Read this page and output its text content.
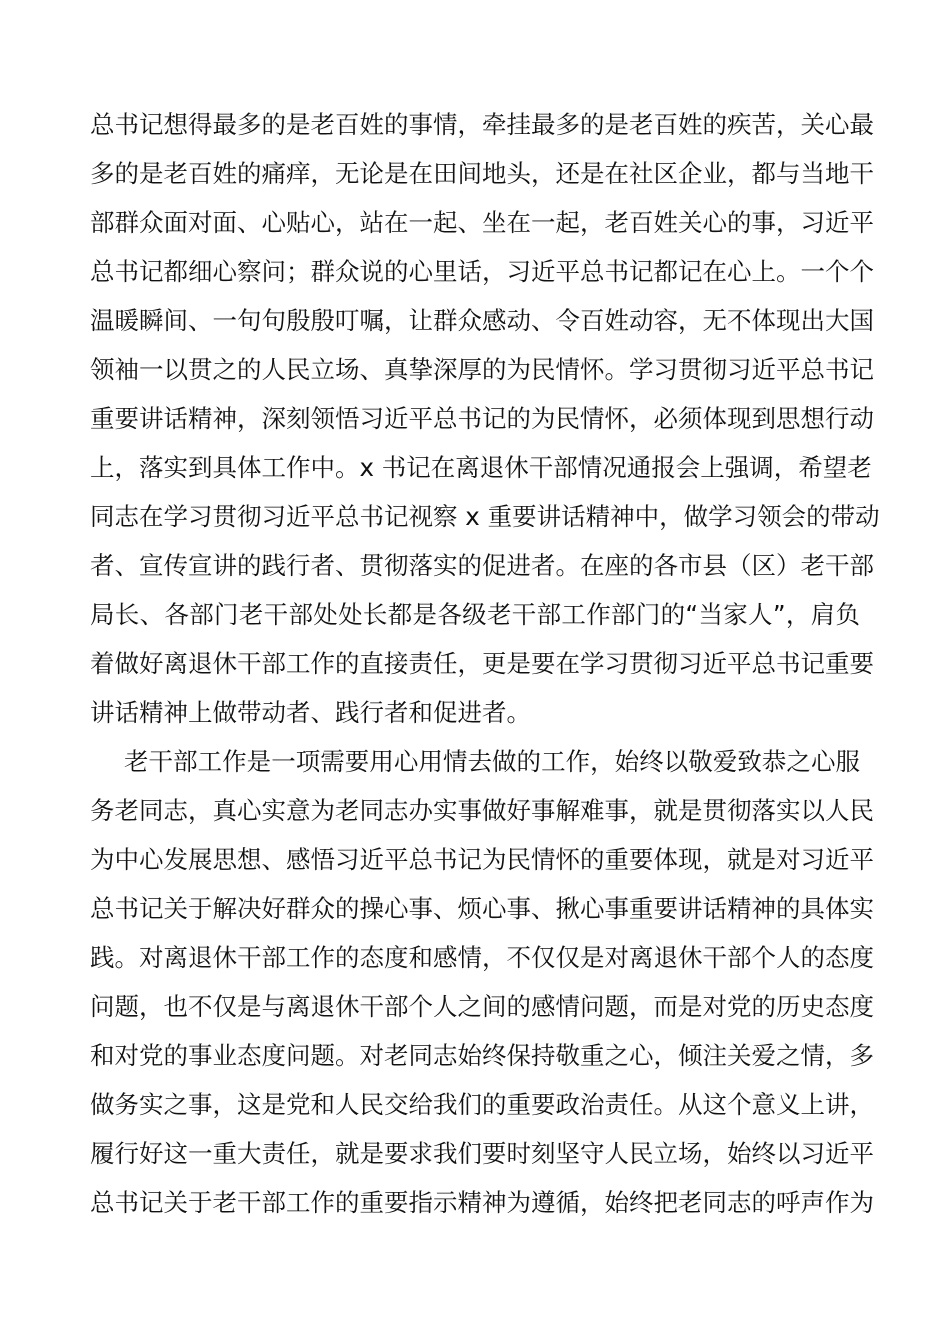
总书记想得最多的是老百姓的事情，牵挂最多的是老百姓的疾苦，关心最
多的是老百姓的痛痒，无论是在田间地头，还是在社区企业，都与当地干
部群众面对面、心贴心，站在一起、坐在一起，老百姓关心的事，习近平
总书记都细心察问；群众说的心里话，习近平总书记都记在心上。一个个
温暖瞬间、一句句殷殷叮嘱，让群众感动、令百姓动容，无不体现出大国
领袖一以贯之的人民立场、真挚深厚的为民情怀。学习贯彻习近平总书记
重要讲话精神，深刻领悟习近平总书记的为民情怀，必须体现到思想行动
上，落实到具体工作中。x 书记在离退休干部情况通报会上强调，希望老
同志在学习贯彻习近平总书记视察 x 重要讲话精神中，做学习领会的带动
者、宣传宣讲的践行者、贯彻落实的促进者。在座的各市县（区）老干部
局长、各部门老干部处处长都是各级老干部工作部门的“当家人”，肩负
着做好离退休干部工作的直接责任，更是要在学习贯彻习近平总书记重要
讲话精神上做带动者、践行者和促进者。
老干部工作是一项需要用心用情去做的工作，始终以敬爱致恭之心服
务老同志，真心实意为老同志办实事做好事解难事，就是贯彻落实以人民
为中心发展思想、感悟习近平总书记为民情怀的重要体现，就是对习近平
总书记关于解决好群众的操心事、烦心事、揪心事重要讲话精神的具体实
践。对离退休干部工作的态度和感情，不仅仅是对离退休干部个人的态度
问题，也不仅是与离退休干部个人之间的感情问题，而是对党的历史态度
和对党的事业态度问题。对老同志始终保持敬重之心，倾注关爱之情，多
做务实之事，这是党和人民交给我们的重要政治责任。从这个意义上讲，
履行好这一重大责任，就是要求我们要时刻坚守人民立场，始终以习近平
总书记关于老干部工作的重要指示精神为遵循，始终把老同志的呼声作为
